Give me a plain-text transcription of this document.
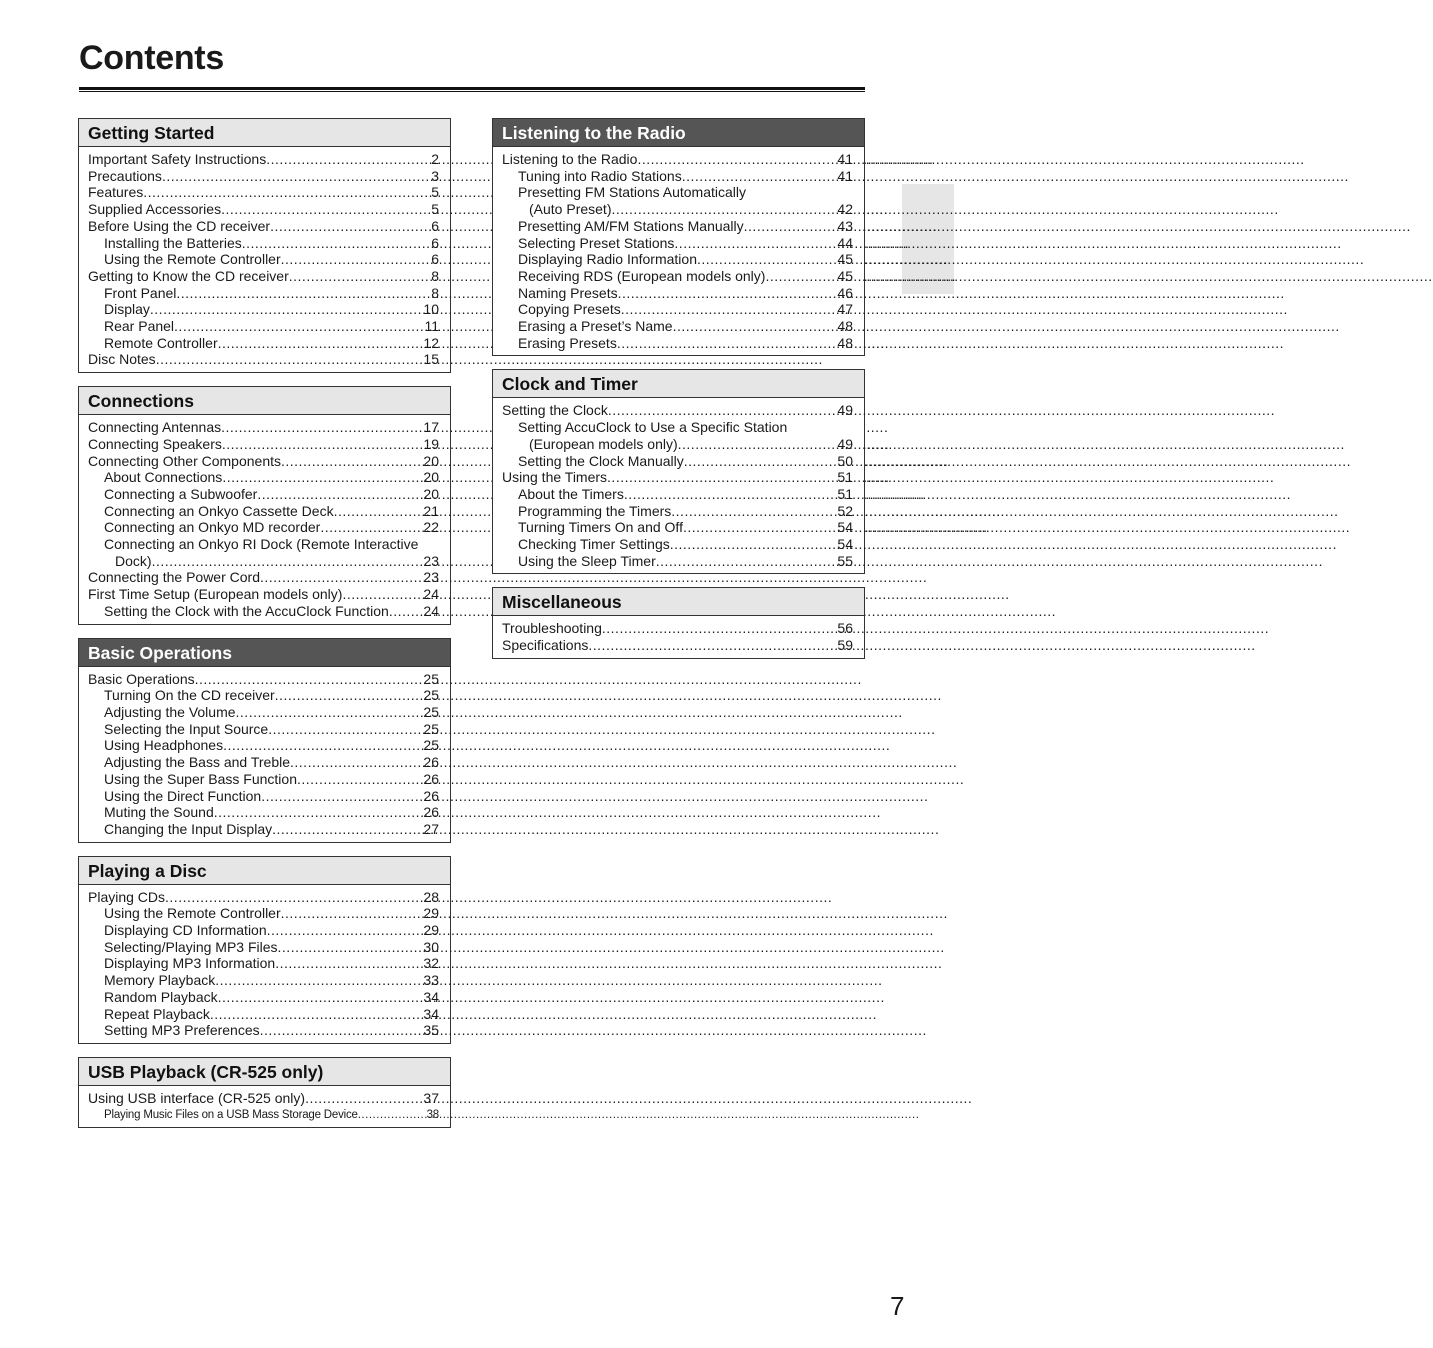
Contents
Getting Started
Important Safety Instructions .....	2
Precautions .....	3
Features .....	5
Supplied Accessories .....	5
Before Using the CD receiver .....	6
Installing the Batteries .....	6
Using the Remote Controller .....	6
Getting to Know the CD receiver .....	8
Front Panel .....	8
Display .....	10
Rear Panel .....	11
Remote Controller .....	12
Disc Notes .....	15
Connections
Connecting Antennas .....	17
Connecting Speakers .....	19
Connecting Other Components .....	20
About Connections .....	20
Connecting a Subwoofer .....	20
Connecting an Onkyo Cassette Deck .....	21
Connecting an Onkyo MD recorder .....	22
Connecting an Onkyo RI Dock (Remote Interactive
Dock) .....	23
Connecting the Power Cord .....	23
First Time Setup (European models only) .....	24
Setting the Clock with the AccuClock Function ..... 24
Basic Operations
Basic Operations .....	25
Turning On the CD receiver .....	25
Adjusting the Volume .....	25
Selecting the Input Source .....	25
Using Headphones .....	25
Adjusting the Bass and Treble .....	26
Using the Super Bass Function .....	26
Using the Direct Function .....	26
Muting the Sound .....	26
Changing the Input Display .....	27
Playing a Disc
Playing CDs .....	28
Using the Remote Controller .....	29
Displaying CD Information .....	29
Selecting/Playing MP3 Files .....	30
Displaying MP3 Information .....	32
Memory Playback .....	33
Random Playback .....	34
Repeat Playback .....	34
Setting MP3 Preferences .....	35
USB Playback (CR-525 only)
Using USB interface (CR-525 only) .....	37
Playing Music Files on a USB Mass Storage Device .....	38
Listening to the Radio
Listening to the Radio .....	41
Tuning into Radio Stations .....	41
Presetting FM Stations Automatically
(Auto Preset) .....	42
Presetting AM/FM Stations Manually .....	43
Selecting Preset Stations .....	44
Displaying Radio Information .....	45
Receiving RDS (European models only) .....	45
Naming Presets .....	46
Copying Presets .....	47
Erasing a Preset’s Name .....	48
Erasing Presets .....	48
Clock and Timer
Setting the Clock .....	49
Setting AccuClock to Use a Specific Station
(European models only) .....	49
Setting the Clock Manually .....	50
Using the Timers .....	51
About the Timers .....	51
Programming the Timers .....	52
Turning Timers On and Off .....	54
Checking Timer Settings .....	54
Using the Sleep Timer .....	55
Miscellaneous
Troubleshooting .....	56
Specifications .....	59
7
